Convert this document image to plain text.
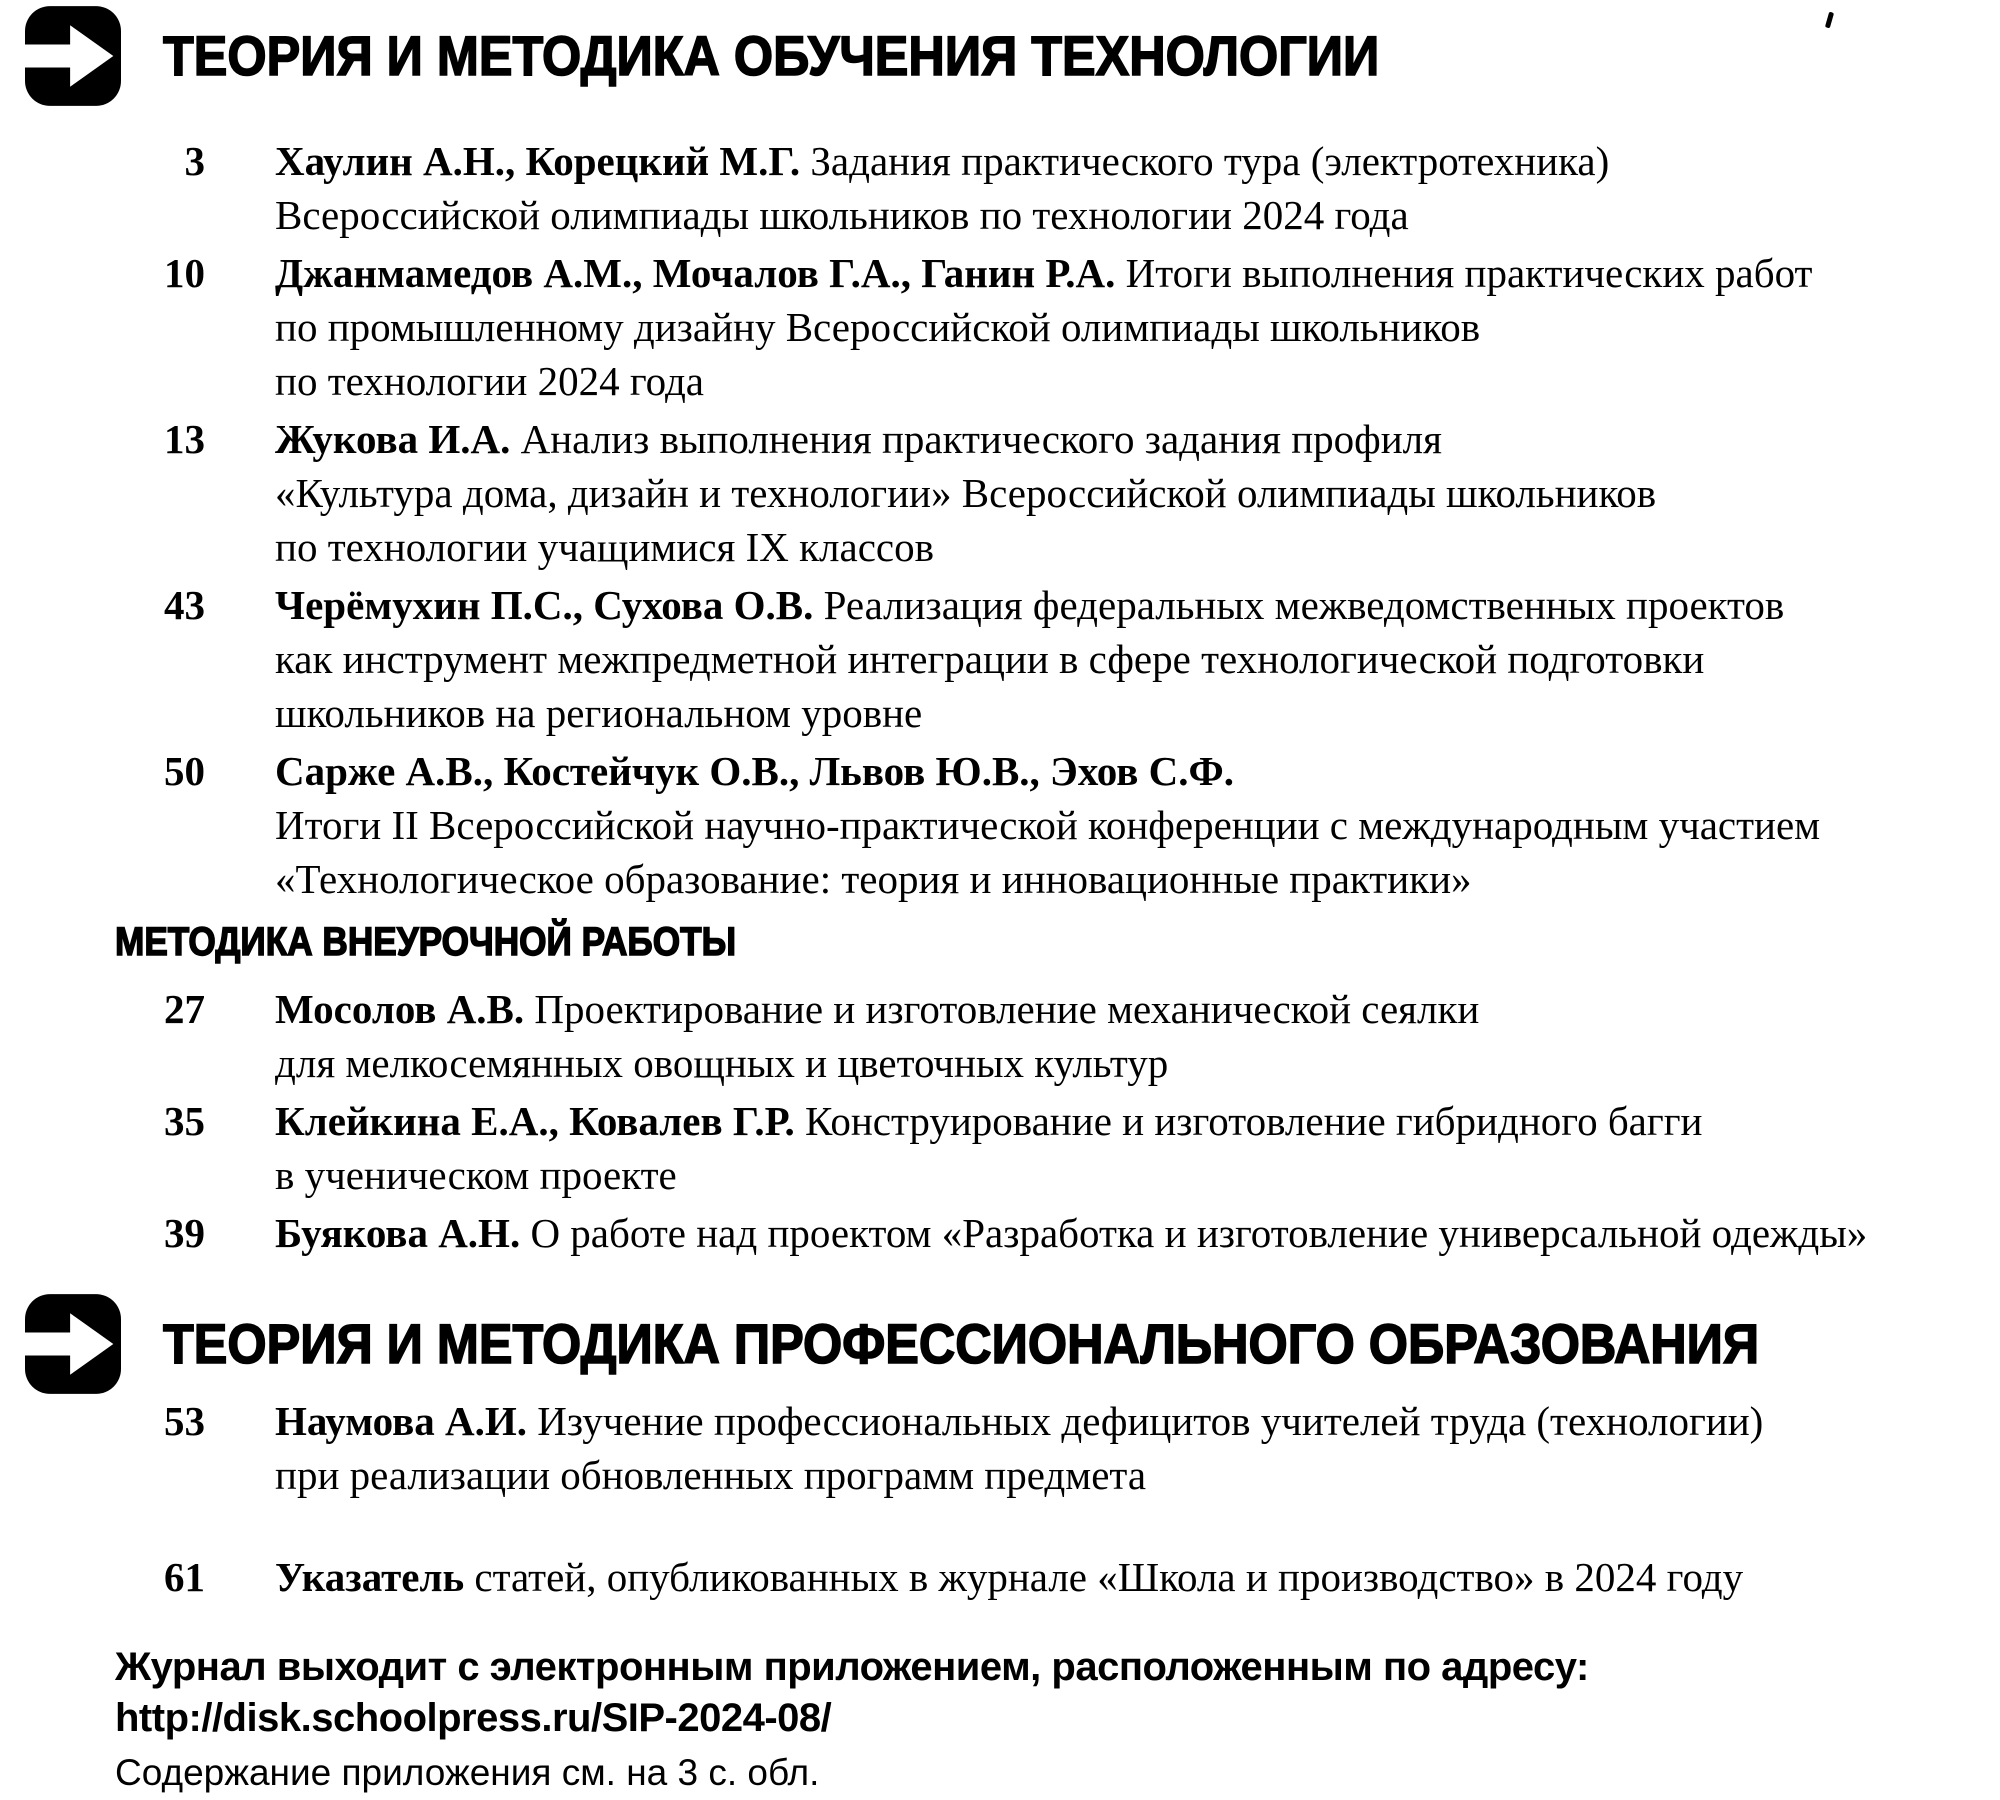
ТЕОРИЯ И МЕТОДИКА ОБУЧЕНИЯ ТЕХНОЛОГИИ
3 Хаулин А.Н., Корецкий М.Г. Задания практического тура (электротехника)
Всероссийской олимпиады школьников по технологии 2024 года
10 Джанмамедов А.М., Мочалов Г.А., Ганин Р.А. Итоги выполнения практических работ
по промышленному дизайну Всероссийской олимпиады школьников
по технологии 2024 года
13 Жукова И.А. Анализ выполнения практического задания профиля
«Культура дома, дизайн и технологии» Всероссийской олимпиады школьников
по технологии учащимися IX классов
43 Черёмухин П.С., Сухова О.В. Реализация федеральных межведомственных проектов
как инструмент межпредметной интеграции в сфере технологической подготовки
школьников на региональном уровне
50 Сарже А.В., Костейчук О.В., Львов Ю.В., Эхов С.Ф.
Итоги II Всероссийской научно-практической конференции с международным участием
«Технологическое образование: теория и инновационные практики»
МЕТОДИКА ВНЕУРОЧНОЙ РАБОТЫ
27 Мосолов А.В. Проектирование и изготовление механической сеялки
для мелкосемянных овощных и цветочных культур
35 Клейкина Е.А., Ковалев Г.Р. Конструирование и изготовление гибридного багги
в ученическом проекте
39 Буякова А.Н. О работе над проектом «Разработка и изготовление универсальной одежды»
ТЕОРИЯ И МЕТОДИКА ПРОФЕССИОНАЛЬНОГО ОБРАЗОВАНИЯ
53 Наумова А.И. Изучение профессиональных дефицитов учителей труда (технологии)
при реализации обновленных программ предмета
61 Указатель статей, опубликованных в журнале «Школа и производство» в 2024 году
Журнал выходит с электронным приложением, расположенным по адресу:
http://disk.schoolpress.ru/SIP-2024-08/
Содержание приложения см. на 3 с. обл.
